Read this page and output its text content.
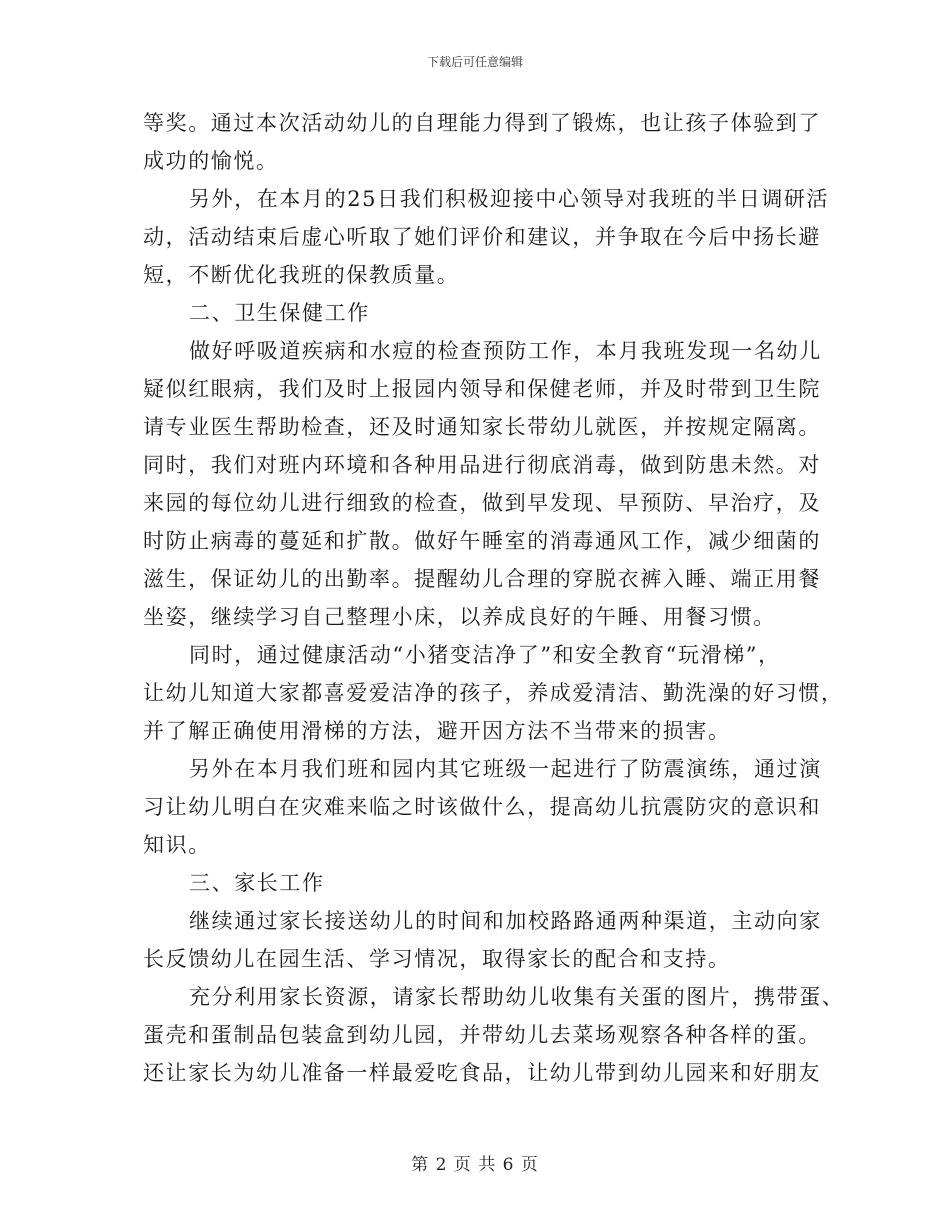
下载后可任意编辑
等奖。通过本次活动幼儿的自理能力得到了锻炼，也让孩子体验到了
成功的愉悦。
另外，在本月的25日我们积极迎接中心领导对我班的半日调研活
动，活动结束后虚心听取了她们评价和建议，并争取在今后中扬长避
短，不断优化我班的保教质量。
二、卫生保健工作
做好呼吸道疾病和水痘的检查预防工作，本月我班发现一名幼儿
疑似红眼病，我们及时上报园内领导和保健老师，并及时带到卫生院
请专业医生帮助检查，还及时通知家长带幼儿就医，并按规定隔离。
同时，我们对班内环境和各种用品进行彻底消毒，做到防患未然。对
来园的每位幼儿进行细致的检查，做到早发现、早预防、早治疗，及
时防止病毒的蔓延和扩散。做好午睡室的消毒通风工作，减少细菌的
滋生，保证幼儿的出勤率。提醒幼儿合理的穿脱衣裤入睡、端正用餐
坐姿，继续学习自己整理小床，以养成良好的午睡、用餐习惯。
同时，通过健康活动“小猪变洁净了”和安全教育“玩滑梯”，
让幼儿知道大家都喜爱爱洁净的孩子，养成爱清洁、勤洗澡的好习惯，
并了解正确使用滑梯的方法，避开因方法不当带来的损害。
另外在本月我们班和园内其它班级一起进行了防震演练，通过演
习让幼儿明白在灾难来临之时该做什么，提高幼儿抗震防灾的意识和
知识。
三、家长工作
继续通过家长接送幼儿的时间和加校路路通两种渠道，主动向家
长反馈幼儿在园生活、学习情况，取得家长的配合和支持。
充分利用家长资源，请家长帮助幼儿收集有关蛋的图片，携带蛋、
蛋壳和蛋制品包装盒到幼儿园，并带幼儿去菜场观察各种各样的蛋。
还让家长为幼儿准备一样最爱吃食品，让幼儿带到幼儿园来和好朋友
第 2 页 共 6 页
